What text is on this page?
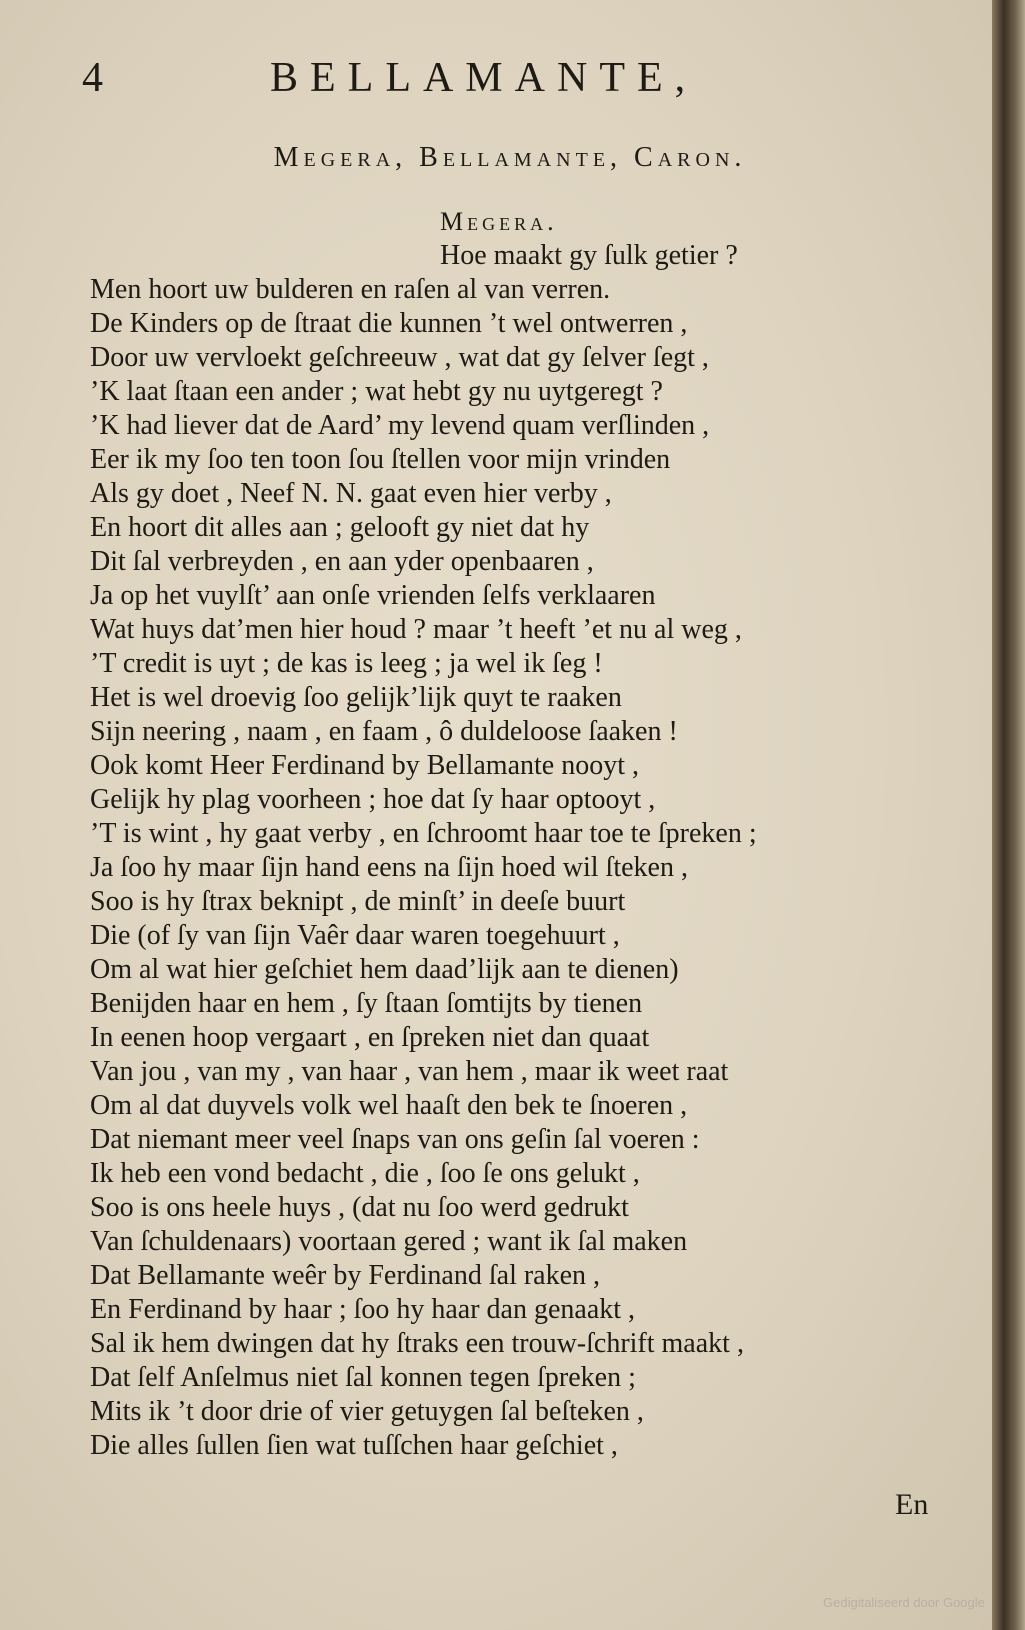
4	BELLAMANTE,
Megera, Bellamante, Caron.
Megera.
Hoe maakt gy ſulk getier ?
Men hoort uw bulderen en raſen al van verren.
De Kinders op de ſtraat die kunnen ’t wel ontwerren ,
Door uw vervloekt geſchreeuw , wat dat gy ſelver ſegt ,
’K laat ſtaan een ander ; wat hebt gy nu uytgeregt ?
’K had liever dat de Aard’ my levend quam verſlinden ,
Eer ik my ſoo ten toon ſou ſtellen voor mijn vrinden
Als gy doet , Neef N. N. gaat even hier verby ,
En hoort dit alles aan ; gelooft gy niet dat hy
Dit ſal verbreyden , en aan yder openbaaren ,
Ja op het vuylſt’ aan onſe vrienden ſelfs verklaaren
Wat huys dat’men hier houd ? maar ’t heeft ’et nu al weg ,
’T credit is uyt ; de kas is leeg ; ja wel ik ſeg !
Het is wel droevig ſoo gelijk’lijk quyt te raaken
Sijn neering , naam , en faam , ô duldeloose ſaaken !
Ook komt Heer Ferdinand by Bellamante nooyt ,
Gelijk hy plag voorheen ; hoe dat ſy haar optooyt ,
’T is wint , hy gaat verby , en ſchroomt haar toe te ſpreken ;
Ja ſoo hy maar ſijn hand eens na ſijn hoed wil ſteken ,
Soo is hy ſtrax beknipt , de minſt’ in deeſe buurt
Die (of ſy van ſijn Vaêr daar waren toegehuurt ,
Om al wat hier geſchiet hem daad’lijk aan te dienen)
Benijden haar en hem , ſy ſtaan ſomtijts by tienen
In eenen hoop vergaart , en ſpreken niet dan quaat
Van jou , van my , van haar , van hem , maar ik weet raat
Om al dat duyvels volk wel haaſt den bek te ſnoeren ,
Dat niemant meer veel ſnaps van ons geſin ſal voeren :
Ik heb een vond bedacht , die , ſoo ſe ons gelukt ,
Soo is ons heele huys , (dat nu ſoo werd gedrukt
Van ſchuldenaars) voortaan gered ; want ik ſal maken
Dat Bellamante weêr by Ferdinand ſal raken ,
En Ferdinand by haar ; ſoo hy haar dan genaakt ,
Sal ik hem dwingen dat hy ſtraks een trouw-ſchrift maakt ,
Dat ſelf Anſelmus niet ſal konnen tegen ſpreken ;
Mits ik ’t door drie of vier getuygen ſal beſteken ,
Die alles ſullen ſien wat tuſſchen haar geſchiet ,
En
Gedigitaliseerd door Google
